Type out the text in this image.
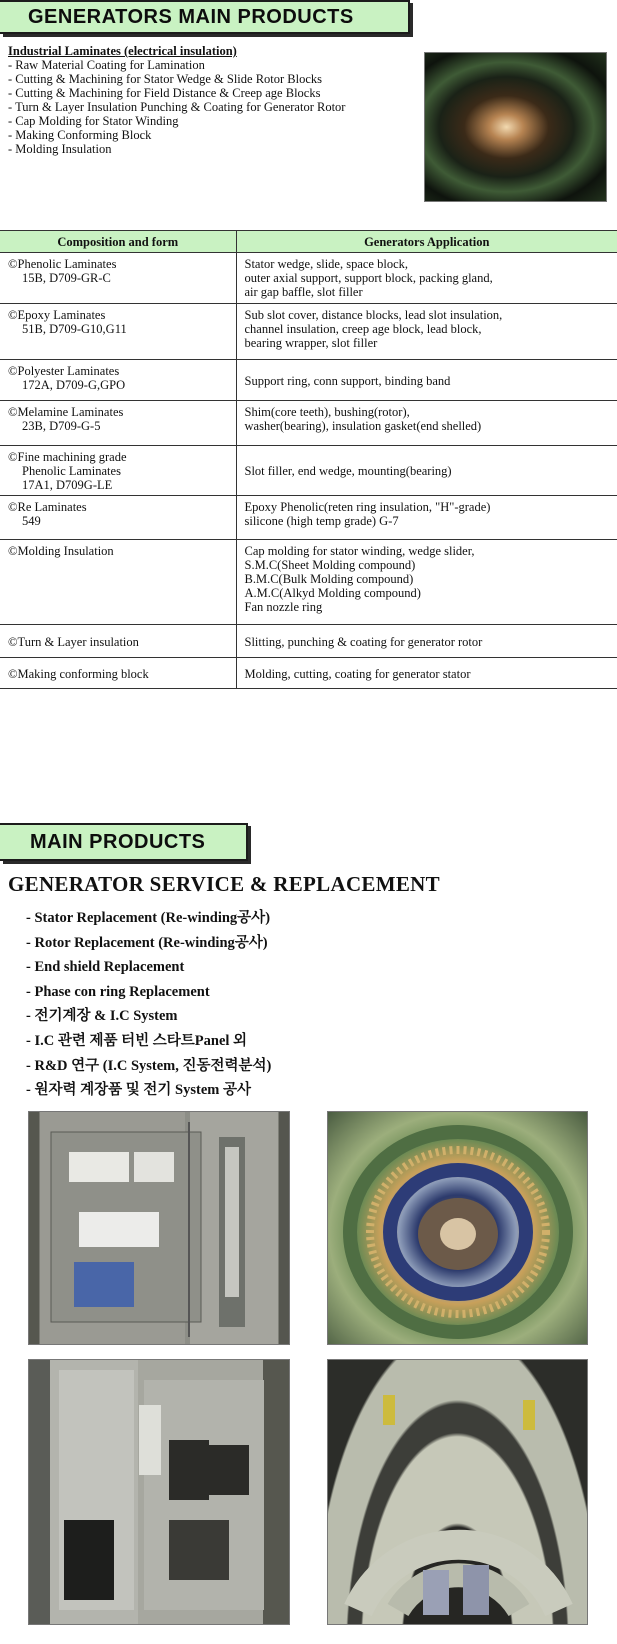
GENERATORS MAIN PRODUCTS
Industrial Laminates (electrical insulation)
- Raw Material Coating for Lamination
- Cutting & Machining for Stator Wedge & Slide Rotor Blocks
- Cutting & Machining for Field Distance & Creep age Blocks
- Turn & Layer Insulation Punching & Coating for Generator Rotor
- Cap Molding for Stator Winding
- Making Conforming Block
- Molding Insulation
Composition and form	Generators Application
© Phenolic Laminates
15B, D709-GR-C	Stator wedge, slide, space block,
outer axial support, support block, packing gland,
air gap baffle, slot filler

© Epoxy Laminates
51B, D709-G10,G11	Sub slot cover, distance blocks, lead slot insulation,
channel insulation, creep age block, lead block,
bearing wrapper, slot filler

© Polyester Laminates
172A, D709-G,GPO	Support ring, conn support, binding band

© Melamine Laminates
23B, D709-G-5	Shim(core teeth), bushing(rotor),
washer(bearing), insulation gasket(end shelled)

© Fine machining grade
Phenolic Laminates
17A1, D709G-LE	Slot filler, end wedge, mounting(bearing)

© Re Laminates
549	Epoxy Phenolic(reten ring insulation, "H"-grade)
silicone (high temp grade) G-7

© Molding Insulation	Cap molding for stator winding, wedge slider,
S.M.C(Sheet Molding compound)
B.M.C(Bulk Molding compound)
A.M.C(Alkyd Molding compound)
Fan nozzle ring

© Turn & Layer insulation	Slitting, punching & coating for generator rotor

© Making conforming block	Molding, cutting, coating for generator stator
MAIN PRODUCTS
GENERATOR SERVICE & REPLACEMENT
- Stator Replacement (Re-winding공사)
- Rotor Replacement (Re-winding공사)
- End shield Replacement
- Phase con ring Replacement
- 전기계장 & I.C System
- I.C 관련 제품 터빈 스타트Panel 외
- R&D 연구 (I.C System, 진동전력분석)
- 원자력 계장품 및 전기 System 공사
